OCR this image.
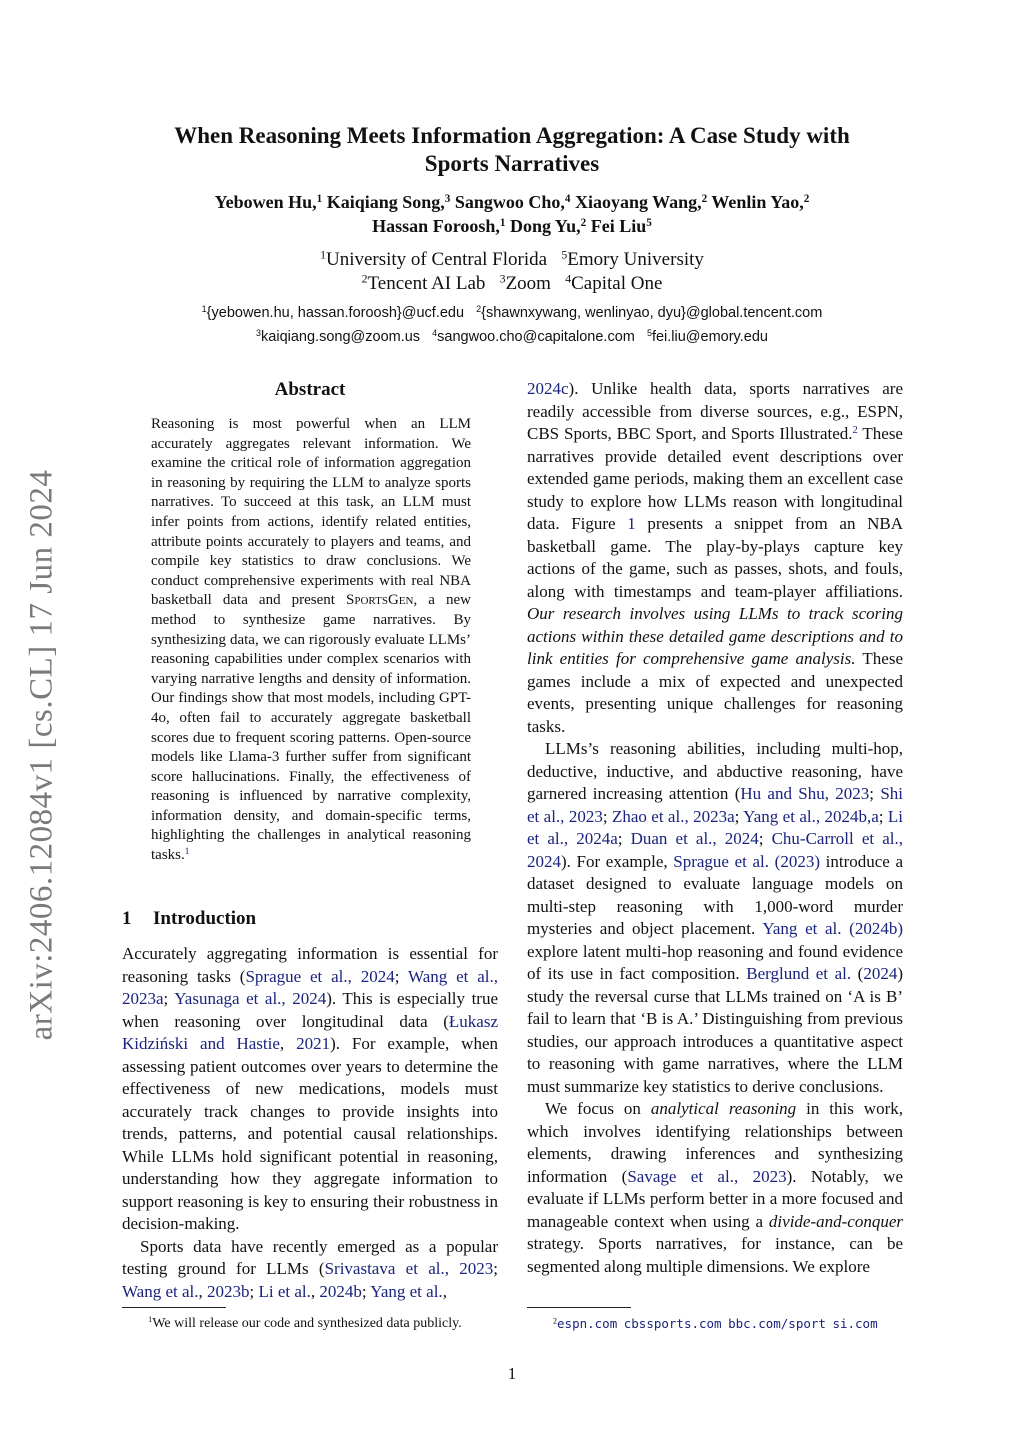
arXiv:2406.12084v1 [cs.CL] 17 Jun 2024
When Reasoning Meets Information Aggregation: A Case Study with
Sports Narratives
Yebowen Hu,$^1$ Kaiqiang Song,$^3$ Sangwoo Cho,$^4$ Xiaoyang Wang,$^2$ Wenlin Yao,$^2$
Hassan Foroosh,$^1$ Dong Yu,$^2$ Fei Liu$^5$
$^1$University of Central Florida $^5$Emory University
$^2$Tencent AI Lab $^3$Zoom $^4$Capital One
$^1${yebowen.hu, hassan.foroosh}@ucf.edu $^2${shawnxywang, wenlinyao, dyu}@global.tencent.com
$^3$kaiqiang.song@zoom.us $^4$sangwoo.cho@capitalone.com $^5$fei.liu@emory.edu
Abstract
Reasoning is most powerful when an LLM accurately aggregates relevant information. We examine the critical role of information aggregation in reasoning by requiring the LLM to analyze sports narratives. To succeed at this task, an LLM must infer points from actions, identify related entities, attribute points accurately to players and teams, and compile key statistics to draw conclusions. We conduct comprehensive experiments with real NBA basketball data and present SportsGen, a new method to synthesize game narratives. By synthesizing data, we can rigorously evaluate LLMs’ reasoning capabilities under complex scenarios with varying narrative lengths and density of information. Our findings show that most models, including GPT-4o, often fail to accurately aggregate basketball scores due to frequent scoring patterns. Open-source models like Llama-3 further suffer from significant score hallucinations. Finally, the effectiveness of reasoning is influenced by narrative complexity, information density, and domain-specific terms, highlighting the challenges in analytical reasoning tasks.$^1$
1 Introduction

Accurately aggregating information is essential for reasoning tasks (Sprague et al., 2024; Wang et al., 2023a; Yasunaga et al., 2024). This is especially true when reasoning over longitudinal data (Łukasz Kidziński and Hastie, 2021). For example, when assessing patient outcomes over years to determine the effectiveness of new medications, models must accurately track changes to provide insights into trends, patterns, and potential causal relationships. While LLMs hold significant potential in reasoning, understanding how they aggregate information to support reasoning is key to ensuring their robustness in decision-making.

Sports data have recently emerged as a popular testing ground for LLMs (Srivastava et al., 2023; Wang et al., 2023b; Li et al., 2024b; Yang et al.,

2024c). Unlike health data, sports narratives are readily accessible from diverse sources, e.g., ESPN, CBS Sports, BBC Sport, and Sports Illustrated.$^2$ These narratives provide detailed event descriptions over extended game periods, making them an excellent case study to explore how LLMs reason with longitudinal data. Figure 1 presents a snippet from an NBA basketball game. The play-by-plays capture key actions of the game, such as passes, shots, and fouls, along with timestamps and team-player affiliations. Our research involves using LLMs to track scoring actions within these detailed game descriptions and to link entities for comprehensive game analysis. These games include a mix of expected and unexpected events, presenting unique challenges for reasoning tasks.

LLMs’s reasoning abilities, including multi-hop, deductive, inductive, and abductive reasoning, have garnered increasing attention (Hu and Shu, 2023; Shi et al., 2023; Zhao et al., 2023a; Yang et al., 2024b,a; Li et al., 2024a; Duan et al., 2024; Chu-Carroll et al., 2024). For example, Sprague et al. (2023) introduce a dataset designed to evaluate language models on multi-step reasoning with 1,000-word murder mysteries and object placement. Yang et al. (2024b) explore latent multi-hop reasoning and found evidence of its use in fact composition. Berglund et al. (2024) study the reversal curse that LLMs trained on ‘A is B’ fail to learn that ‘B is A.’ Distinguishing from previous studies, our approach introduces a quantitative aspect to reasoning with game narratives, where the LLM must summarize key statistics to derive conclusions.

We focus on analytical reasoning in this work, which involves identifying relationships between elements, drawing inferences and synthesizing information (Savage et al., 2023). Notably, we evaluate if LLMs perform better in a more focused and manageable context when using a divide-and-conquer strategy. Sports narratives, for instance, can be segmented along multiple dimensions. We explore

$^1$We will release our code and synthesized data publicly.	$^2$espn.com cbssports.com bbc.com/sport si.com
1
